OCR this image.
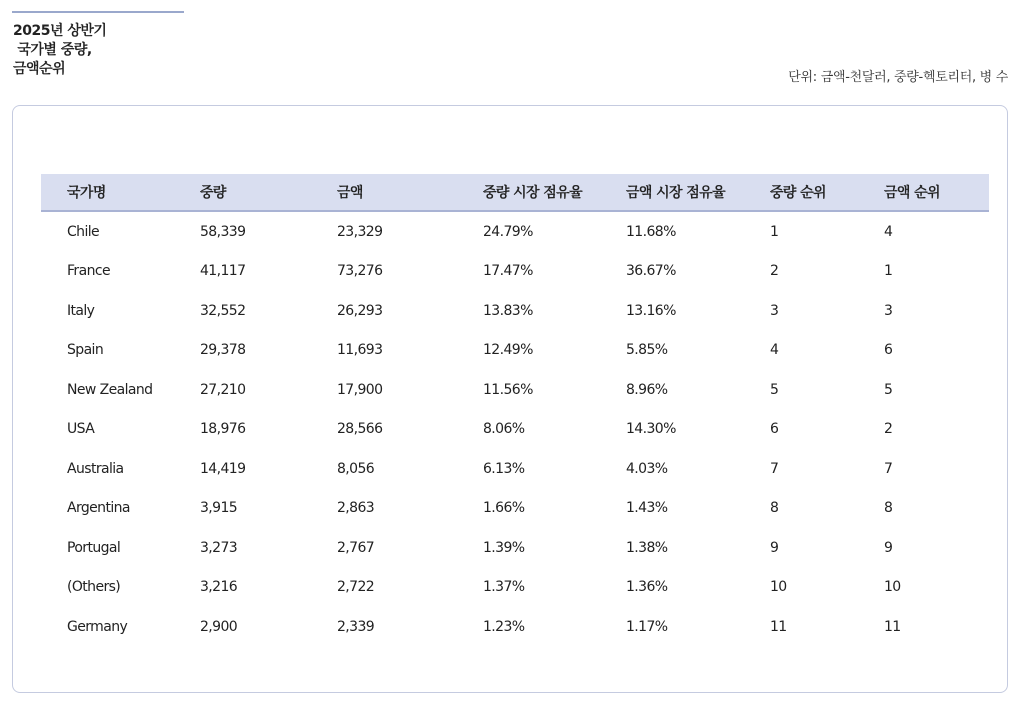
2025년 상반기
국가별 중량,
금액순위
단위: 금액-천달러, 중량-헥토리터, 병 수
국가명	중량	금액	중량 시장 점유율	금액 시장 점유율	중량 순위	금액 순위
Chile	58,339	23,329	24.79%	11.68%	1	4
France	41,117	73,276	17.47%	36.67%	2	1
Italy	32,552	26,293	13.83%	13.16%	3	3
Spain	29,378	11,693	12.49%	5.85%	4	6
New Zealand	27,210	17,900	11.56%	8.96%	5	5
USA	18,976	28,566	8.06%	14.30%	6	2
Australia	14,419	8,056	6.13%	4.03%	7	7
Argentina	3,915	2,863	1.66%	1.43%	8	8
Portugal	3,273	2,767	1.39%	1.38%	9	9
(Others)	3,216	2,722	1.37%	1.36%	10	10
Germany	2,900	2,339	1.23%	1.17%	11	11
